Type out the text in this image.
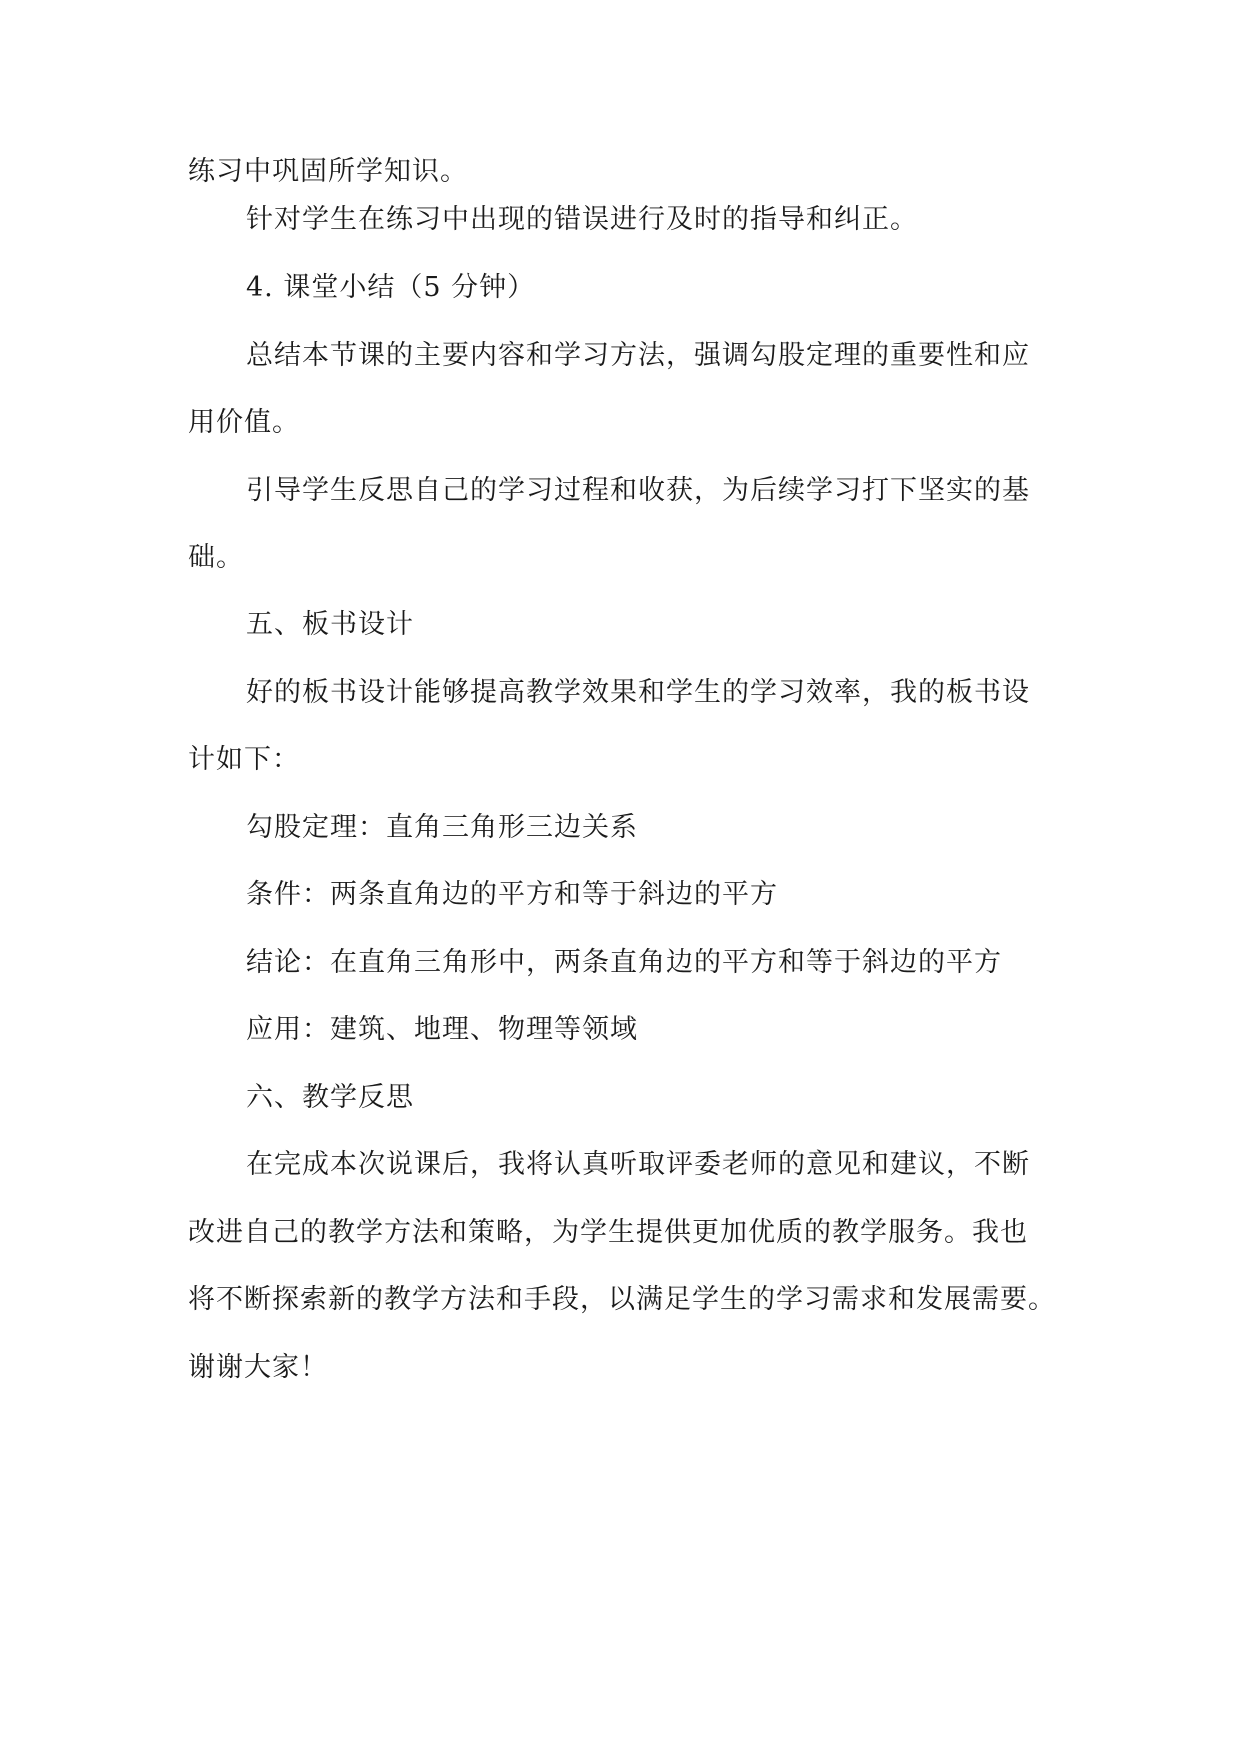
练习中巩固所学知识。
针对学生在练习中出现的错误进行及时的指导和纠正。
4. 课堂小结（5 分钟）
总结本节课的主要内容和学习方法，强调勾股定理的重要性和应
用价值。
引导学生反思自己的学习过程和收获，为后续学习打下坚实的基
础。
五、板书设计
好的板书设计能够提高教学效果和学生的学习效率，我的板书设
计如下：
勾股定理：直角三角形三边关系
条件：两条直角边的平方和等于斜边的平方
结论：在直角三角形中，两条直角边的平方和等于斜边的平方
应用：建筑、地理、物理等领域
六、教学反思
在完成本次说课后，我将认真听取评委老师的意见和建议，不断
改进自己的教学方法和策略，为学生提供更加优质的教学服务。我也
将不断探索新的教学方法和手段，以满足学生的学习需求和发展需要。
谢谢大家！
